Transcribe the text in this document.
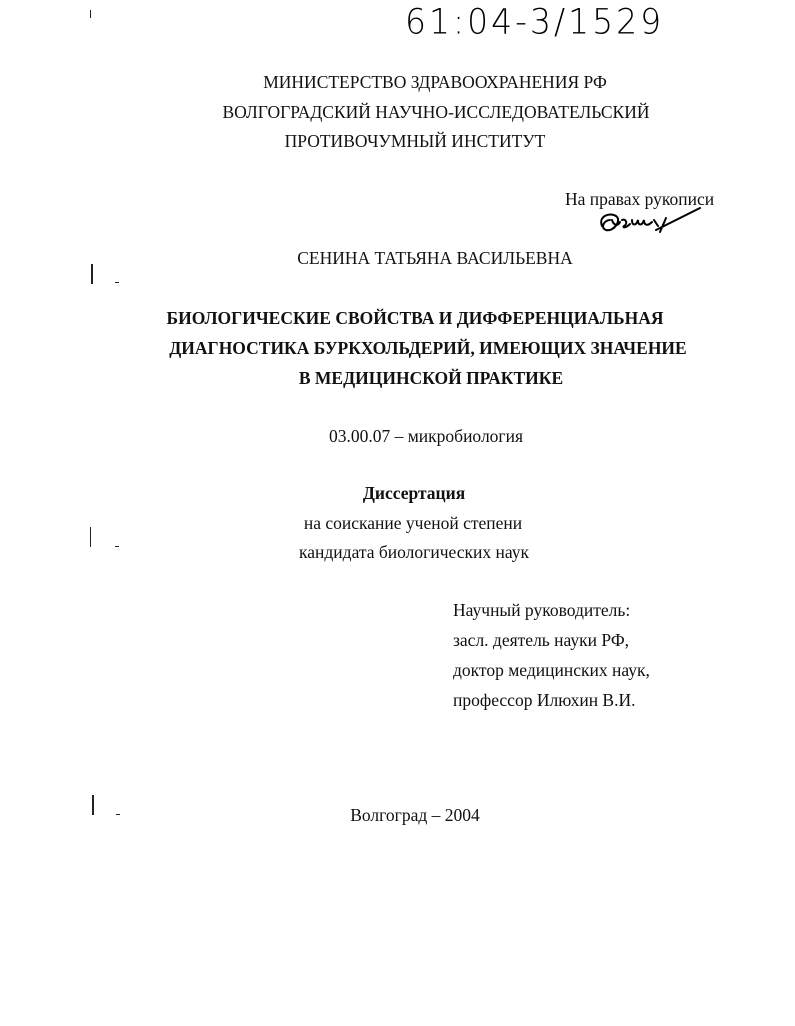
61:04-3/1529
МИНИСТЕРСТВО ЗДРАВООХРАНЕНИЯ РФ
ВОЛГОГРАДСКИЙ НАУЧНО-ИССЛЕДОВАТЕЛЬСКИЙ
ПРОТИВОЧУМНЫЙ ИНСТИТУТ
На правах рукописи
СЕНИНА ТАТЬЯНА ВАСИЛЬЕВНА
БИОЛОГИЧЕСКИЕ СВОЙСТВА И ДИФФЕРЕНЦИАЛЬНАЯ
ДИАГНОСТИКА БУРКХОЛЬДЕРИЙ, ИМЕЮЩИХ ЗНАЧЕНИЕ
В МЕДИЦИНСКОЙ ПРАКТИКЕ
03.00.07 – микробиология
Диссертация
на соискание ученой степени
кандидата биологических наук
Научный руководитель:
засл. деятель науки РФ,
доктор медицинских наук,
профессор Илюхин В.И.
Волгоград – 2004
